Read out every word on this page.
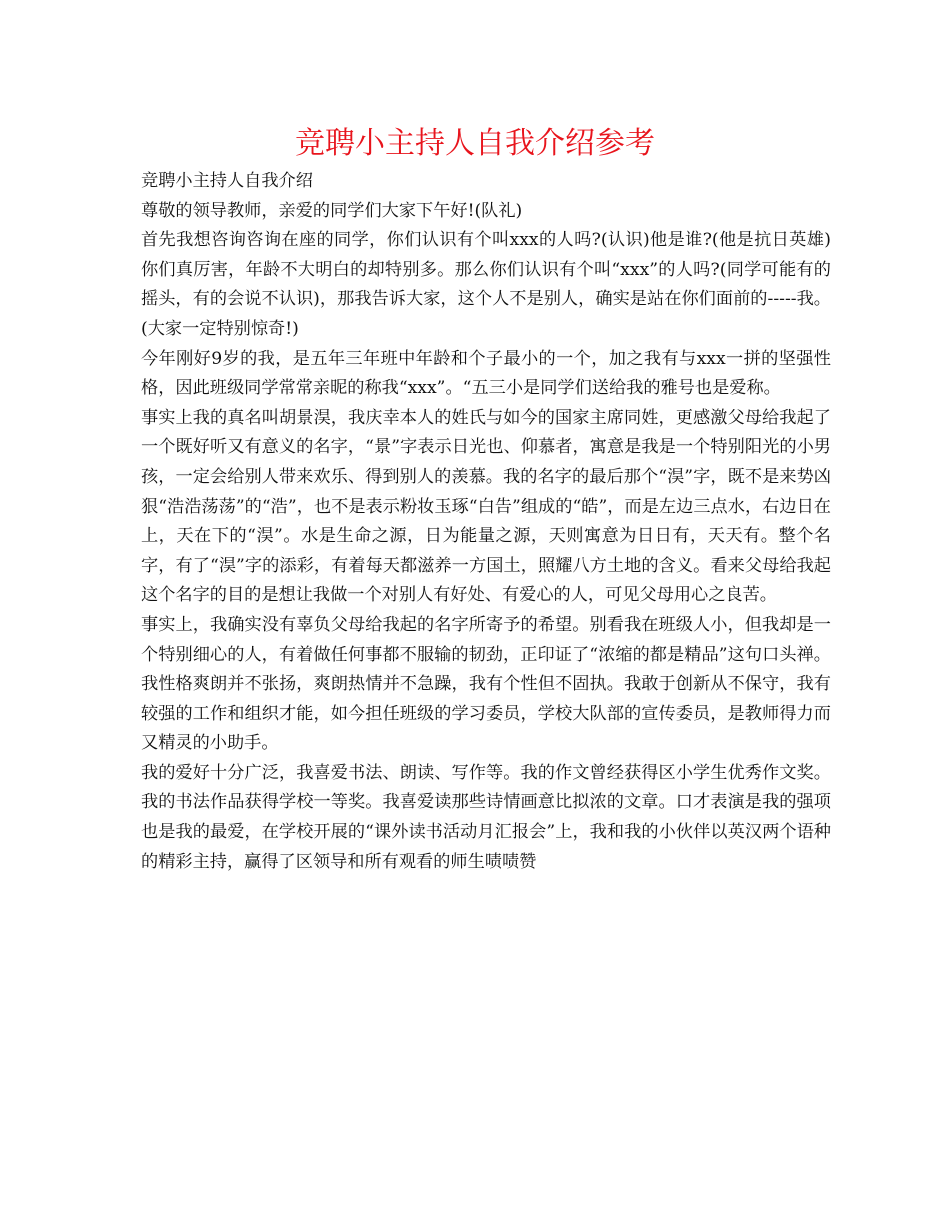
竞聘小主持人自我介绍参考

竞聘小主持人自我介绍

尊敬的领导教师，亲爱的同学们大家下午好!(队礼)

首先我想咨询咨询在座的同学，你们认识有个叫xxx的人吗?(认识)他是谁?(他是抗日英雄)你们真厉害，年龄不大明白的却特别多。那么你们认识有个叫“xxx”的人吗?(同学可能有的摇头，有的会说不认识)，那我告诉大家，这个人不是别人，确实是站在你们面前的-----我。(大家一定特别惊奇!)

今年刚好9岁的我，是五年三年班中年龄和个子最小的一个，加之我有与xxx一拼的坚强性格，因此班级同学常常亲昵的称我“xxx”。“五三小是同学们送给我的雅号也是爱称。

事实上我的真名叫胡景淏，我庆幸本人的姓氏与如今的国家主席同姓，更感激父母给我起了一个既好听又有意义的名字，“景”字表示日光也、仰慕者，寓意是我是一个特别阳光的小男孩，一定会给别人带来欢乐、得到别人的羡慕。我的名字的最后那个“淏”字，既不是来势凶狠“浩浩荡荡”的“浩”，也不是表示粉妆玉琢“白告”组成的“皓”，而是左边三点水，右边日在上，天在下的“淏”。水是生命之源，日为能量之源，天则寓意为日日有，天天有。整个名字，有了“淏”字的添彩，有着每天都滋养一方国土，照耀八方土地的含义。看来父母给我起这个名字的目的是想让我做一个对别人有好处、有爱心的人，可见父母用心之良苦。

事实上，我确实没有辜负父母给我起的名字所寄予的希望。别看我在班级人小，但我却是一个特别细心的人，有着做任何事都不服输的韧劲，正印证了“浓缩的都是精品”这句口头禅。我性格爽朗并不张扬，爽朗热情并不急躁，我有个性但不固执。我敢于创新从不保守，我有较强的工作和组织才能，如今担任班级的学习委员，学校大队部的宣传委员，是教师得力而又精灵的小助手。

我的爱好十分广泛，我喜爱书法、朗读、写作等。我的作文曾经获得区小学生优秀作文奖。我的书法作品获得学校一等奖。我喜爱读那些诗情画意比拟浓的文章。口才表演是我的强项也是我的最爱，在学校开展的“课外读书活动月汇报会”上，我和我的小伙伴以英汉两个语种的精彩主持，赢得了区领导和所有观看的师生啧啧赞
